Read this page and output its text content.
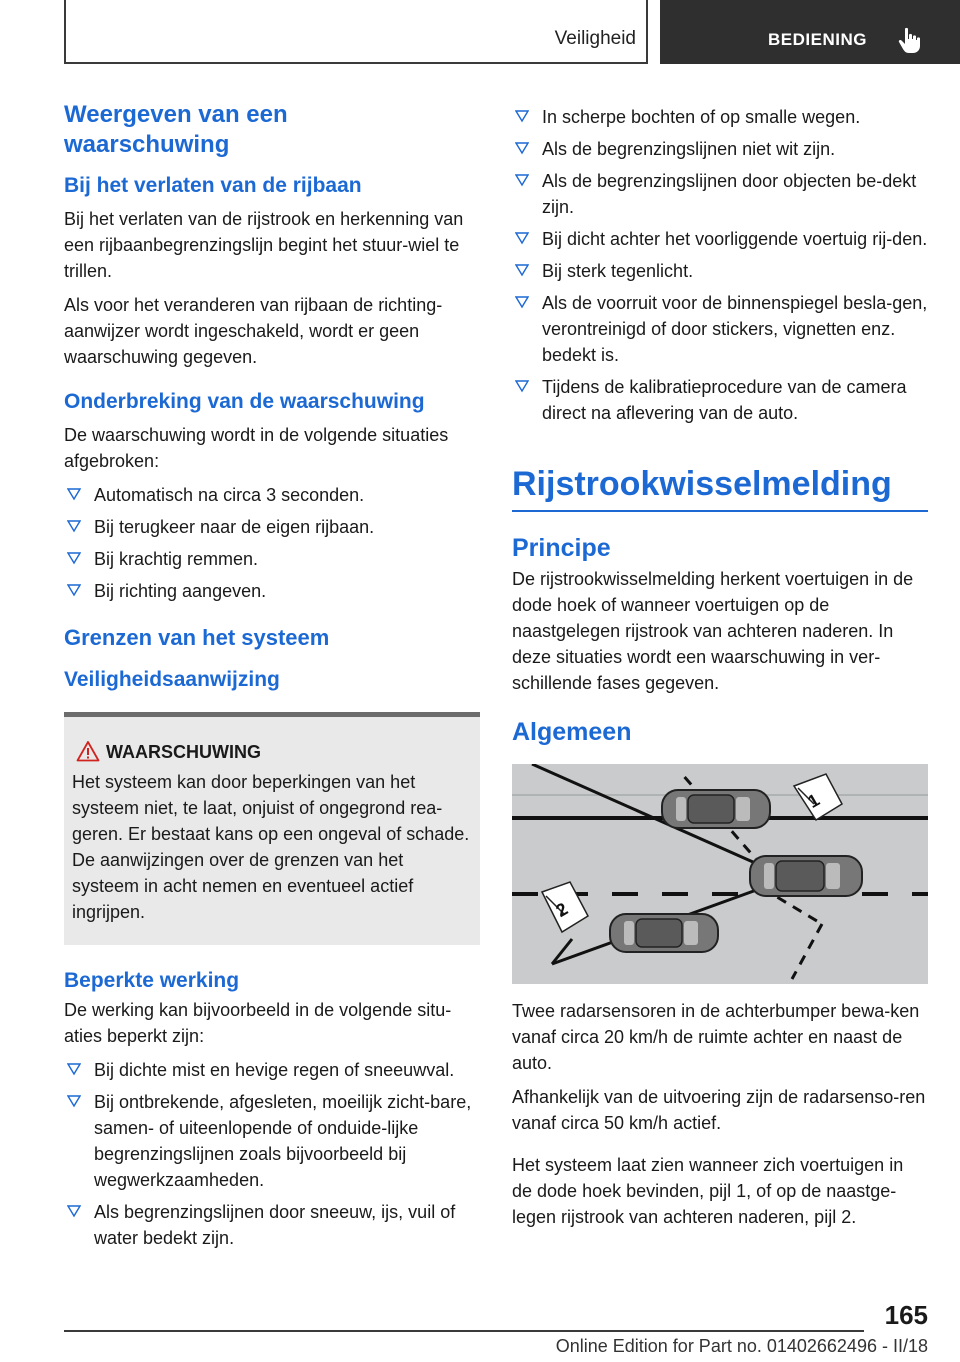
Veiligheid	BEDIENING
Weergeven van een waarschuwing
Bij het verlaten van de rijbaan
Bij het verlaten van de rijstrook en herkenning van een rijbaanbegrenzingslijn begint het stuur-wiel te trillen.
Als voor het veranderen van rijbaan de richting-aanwijzer wordt ingeschakeld, wordt er geen waarschuwing gegeven.
Onderbreking van de waarschuwing
De waarschuwing wordt in de volgende situaties afgebroken:
Automatisch na circa 3 seconden.
Bij terugkeer naar de eigen rijbaan.
Bij krachtig remmen.
Bij richting aangeven.
Grenzen van het systeem
Veiligheidsaanwijzing
WAARSCHUWING
Het systeem kan door beperkingen van het systeem niet, te laat, onjuist of ongegrond rea-geren. Er bestaat kans op een ongeval of schade. De aanwijzingen over de grenzen van het systeem in acht nemen en eventueel actief ingrijpen.
Beperkte werking
De werking kan bijvoorbeeld in de volgende situ-aties beperkt zijn:
Bij dichte mist en hevige regen of sneeuwval.
Bij ontbrekende, afgesleten, moeilijk zicht-bare, samen- of uiteenlopende of onduide-lijke begrenzingslijnen zoals bijvoorbeeld bij wegwerkzaamheden.
Als begrenzingslijnen door sneeuw, ijs, vuil of water bedekt zijn.
In scherpe bochten of op smalle wegen.
Als de begrenzingslijnen niet wit zijn.
Als de begrenzingslijnen door objecten be-dekt zijn.
Bij dicht achter het voorliggende voertuig rij-den.
Bij sterk tegenlicht.
Als de voorruit voor de binnenspiegel besla-gen, verontreinigd of door stickers, vignetten enz. bedekt is.
Tijdens de kalibratieprocedure van de camera direct na aflevering van de auto.
Rijstrookwisselmelding
Principe
De rijstrookwisselmelding herkent voertuigen in de dode hoek of wanneer voertuigen op de naastgelegen rijstrook van achteren naderen. In deze situaties wordt een waarschuwing in ver-schillende fases gegeven.
Algemeen
1
2
Twee radarsensoren in de achterbumper bewa-ken vanaf circa 20 km/h de ruimte achter en naast de auto.
Afhankelijk van de uitvoering zijn de radarsenso-ren vanaf circa 50 km/h actief.
Het systeem laat zien wanneer zich voertuigen in de dode hoek bevinden, pijl 1, of op de naastge-legen rijstrook van achteren naderen, pijl 2.
165
Online Edition for Part no. 01402662496 - II/18
